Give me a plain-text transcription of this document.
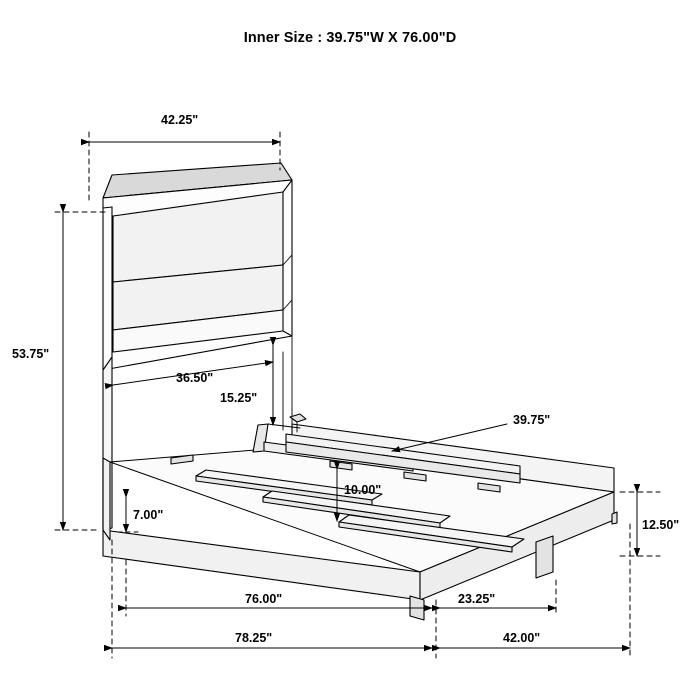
Inner Size : 39.75"W X 76.00"D
42.25"
53.75"
36.50"
15.25"
39.75"
10.00"
7.00"
12.50"
76.00"	23.25"
78.25"	42.00"
